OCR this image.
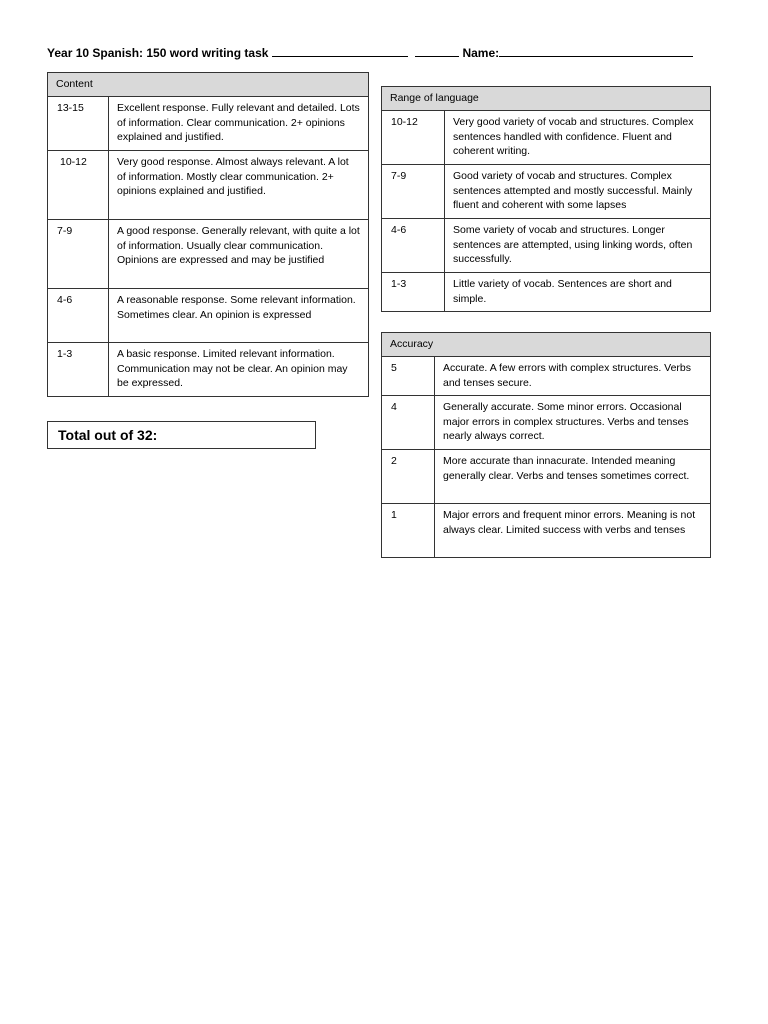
Year 10 Spanish: 150 word writing task	Name:
Content	
13-15	Excellent response. Fully relevant and detailed. Lots of information. Clear communication. 2+ opinions explained and justified.
10-12	Very good response. Almost always relevant. A lot of information. Mostly clear communication. 2+ opinions explained and justified.
7-9	A good response. Generally relevant, with quite a lot of information. Usually clear communication. Opinions are expressed and may be justified
4-6	A reasonable response. Some relevant information. Sometimes clear. An opinion is expressed
1-3	A basic response. Limited relevant information. Communication may not be clear. An opinion may be expressed.
Total out of 32:
Range of language	
10-12	Very good variety of vocab and structures. Complex sentences handled with confidence. Fluent and coherent writing.
7-9	Good variety of vocab and structures. Complex sentences attempted and mostly successful. Mainly fluent and coherent with some lapses
4-6	Some variety of vocab and structures. Longer sentences are attempted, using linking words, often successfully.
1-3	Little variety of vocab. Sentences are short and simple.
Accuracy	
5	Accurate. A few errors with complex structures. Verbs and tenses secure.
4	Generally accurate. Some minor errors. Occasional major errors in complex structures. Verbs and tenses nearly always correct.
2	More accurate than innacurate. Intended meaning generally clear. Verbs and tenses sometimes correct.
1	Major errors and frequent minor errors. Meaning is not always clear. Limited success with verbs and tenses
